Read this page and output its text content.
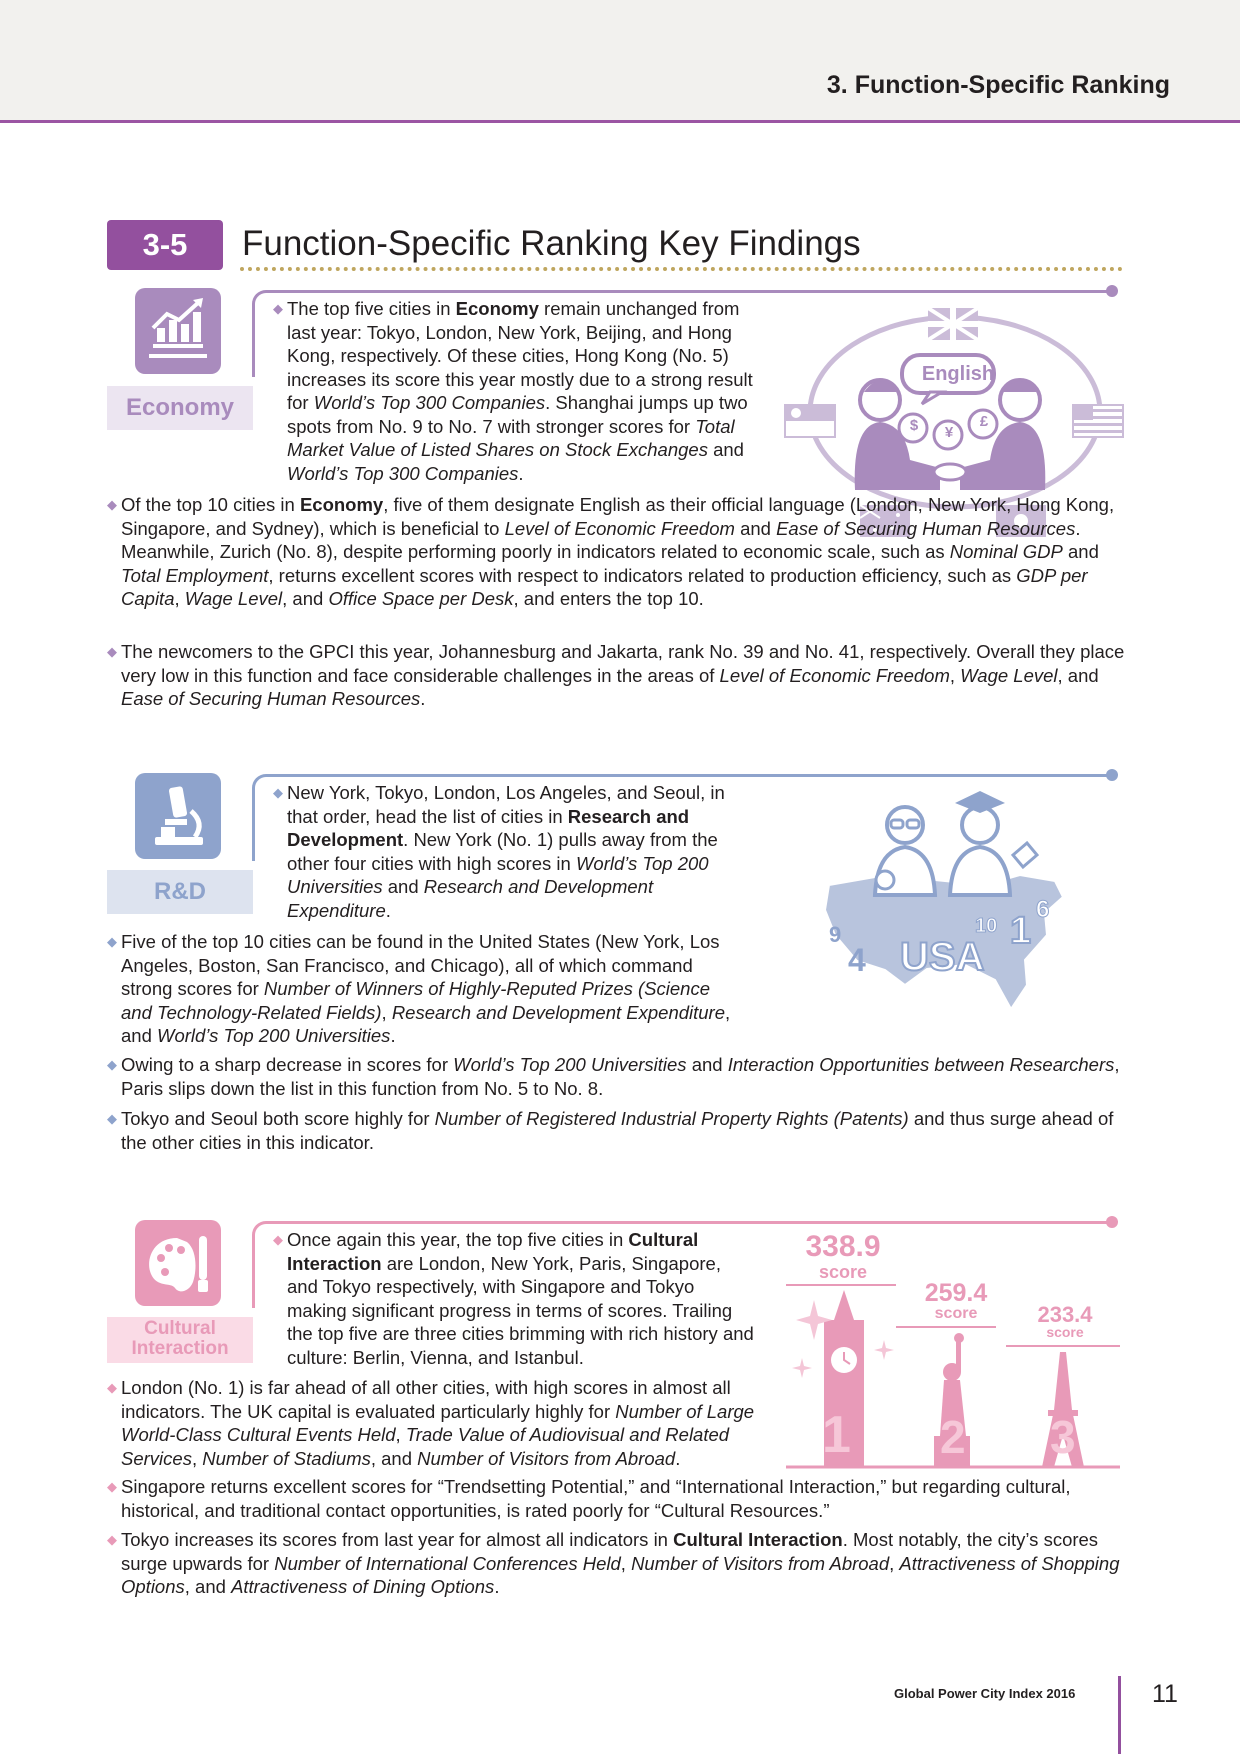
3. Function-Specific Ranking
3-5	Function-Specific Ranking Key Findings
Economy
English
$	¥
£
◆ The top five cities in Economy remain unchanged from last year: Tokyo, London, New York, Beijing, and Hong Kong, respectively. Of these cities, Hong Kong (No. 5) increases its score this year mostly due to a strong result for World’s Top 300 Companies. Shanghai jumps up two spots from No. 9 to No. 7 with stronger scores for Total Market Value of Listed Shares on Stock Exchanges and World’s Top 300 Companies.

◆ Of the top 10 cities in Economy, five of them designate English as their official language (London, New York, Hong Kong, Singapore, and Sydney), which is beneficial to Level of Economic Freedom and Ease of Securing Human Resources. Meanwhile, Zurich (No. 8), despite performing poorly in indicators related to economic scale, such as Nominal GDP and Total Employment, returns excellent scores with respect to indicators related to production efficiency, such as GDP per Capita, Wage Level, and Office Space per Desk, and enters the top 10.

◆ The newcomers to the GPCI this year, Johannesburg and Jakarta, rank No. 39 and No. 41, respectively. Overall they place very low in this function and face considerable challenges in the areas of Level of Economic Freedom, Wage Level, and Ease of Securing Human Resources.

R&D
USA
9
4
10 1
6
◆ New York, Tokyo, London, Los Angeles, and Seoul, in that order, head the list of cities in Research and Development. New York (No. 1) pulls away from the other four cities with high scores in World’s Top 200 Universities and Research and Development Expenditure.

◆ Five of the top 10 cities can be found in the United States (New York, Los Angeles, Boston, San Francisco, and Chicago), all of which command strong scores for Number of Winners of Highly-Reputed Prizes (Science and Technology-Related Fields), Research and Development Expenditure, and World’s Top 200 Universities.

◆ Owing to a sharp decrease in scores for World’s Top 200 Universities and Interaction Opportunities between Researchers, Paris slips down the list in this function from No. 5 to No. 8.

◆ Tokyo and Seoul both score highly for Number of Registered Industrial Property Rights (Patents) and thus surge ahead of the other cities in this indicator.

Cultural
Interaction
338.9
score
259.4
score	233.4
score
1 2 3
◆ Once again this year, the top five cities in Cultural Interaction are London, New York, Paris, Singapore, and Tokyo respectively, with Singapore and Tokyo making significant progress in terms of scores. Trailing the top five are three cities brimming with rich history and culture: Berlin, Vienna, and Istanbul.

◆ London (No. 1) is far ahead of all other cities, with high scores in almost all indicators. The UK capital is evaluated particularly highly for Number of Large World-Class Cultural Events Held, Trade Value of Audiovisual and Related Services, Number of Stadiums, and Number of Visitors from Abroad.

◆ Singapore returns excellent scores for “Trendsetting Potential,” and “International Interaction,” but regarding cultural, historical, and traditional contact opportunities, is rated poorly for “Cultural Resources.”

◆ Tokyo increases its scores from last year for almost all indicators in Cultural Interaction. Most notably, the city’s scores surge upwards for Number of International Conferences Held, Number of Visitors from Abroad, Attractiveness of Shopping Options, and Attractiveness of Dining Options.

Global Power City Index 2016	11
